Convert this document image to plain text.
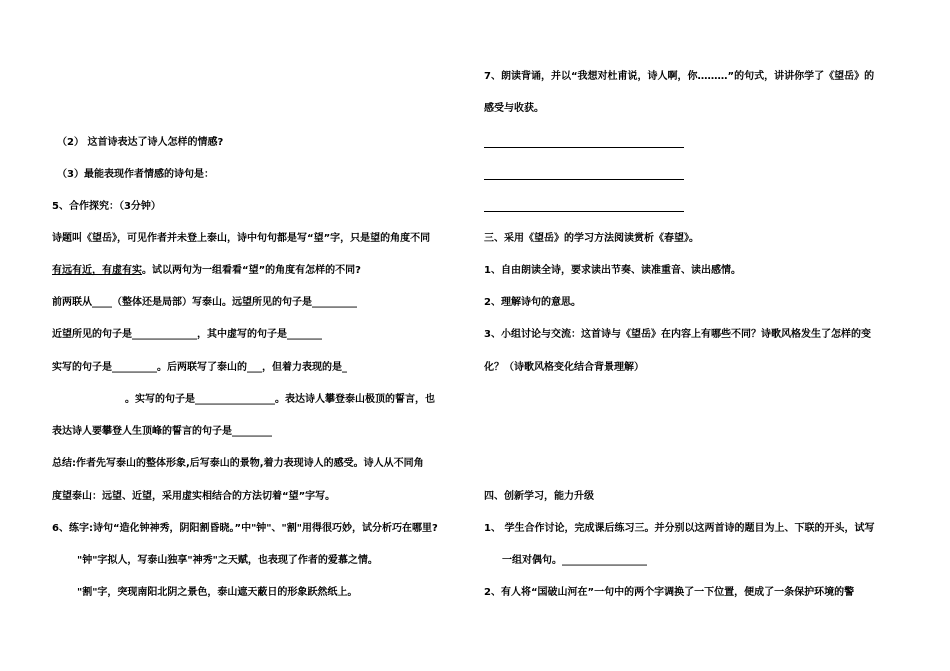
（2） 这首诗表达了诗人怎样的情感?
（3）最能表现作者情感的诗句是：
5、合作探究：（3分钟）
诗题叫《望岳》，可见作者并未登上泰山，诗中句句都是写“望”字，只是望的角度不同
有远有近，有虚有实。试以两句为一组看看“望”的角度有怎样的不同?
前两联从____（整体还是局部）写泰山。远望所见的句子是_________
近望所见的句子是_____________，其中虚写的句子是_______
实写的句子是_________。后两联写了泰山的___，但着力表现的是_
。实写的句子是________________。表达诗人攀登泰山极顶的誓言，也
表达诗人要攀登人生顶峰的誓言的句子是________
总结:作者先写泰山的整体形象,后写泰山的景物,着力表现诗人的感受。诗人从不同角
度望泰山：远望、近望，采用虚实相结合的方法切着“望”字写。
6、练字:诗句“造化钟神秀，阴阳割昏晓。”中"钟"、"割"用得很巧妙，试分析巧在哪里?
"钟"字拟人，写泰山独享"神秀"之天赋，也表现了作者的爱慕之情。
"割"字，突现南阳北阴之景色，泰山遮天蔽日的形象跃然纸上。
7、朗读背诵，并以“我想对杜甫说，诗人啊，你………”的句式，讲讲你学了《望岳》的
感受与收获。
三、采用《望岳》的学习方法阅读赏析《春望》。
1、自由朗读全诗，要求读出节奏、读准重音、读出感情。
2、理解诗句的意思。
3、小组讨论与交流：这首诗与《望岳》在内容上有哪些不同？诗歌风格发生了怎样的变
化？（诗歌风格变化结合背景理解）
四、创新学习，能力升级
1、 学生合作讨论，完成课后练习三。并分别以这两首诗的题目为上、下联的开头，试写
一组对偶句。_________________
2、有人将“国破山河在”一句中的两个字调换了一下位置，便成了一条保护环境的警
